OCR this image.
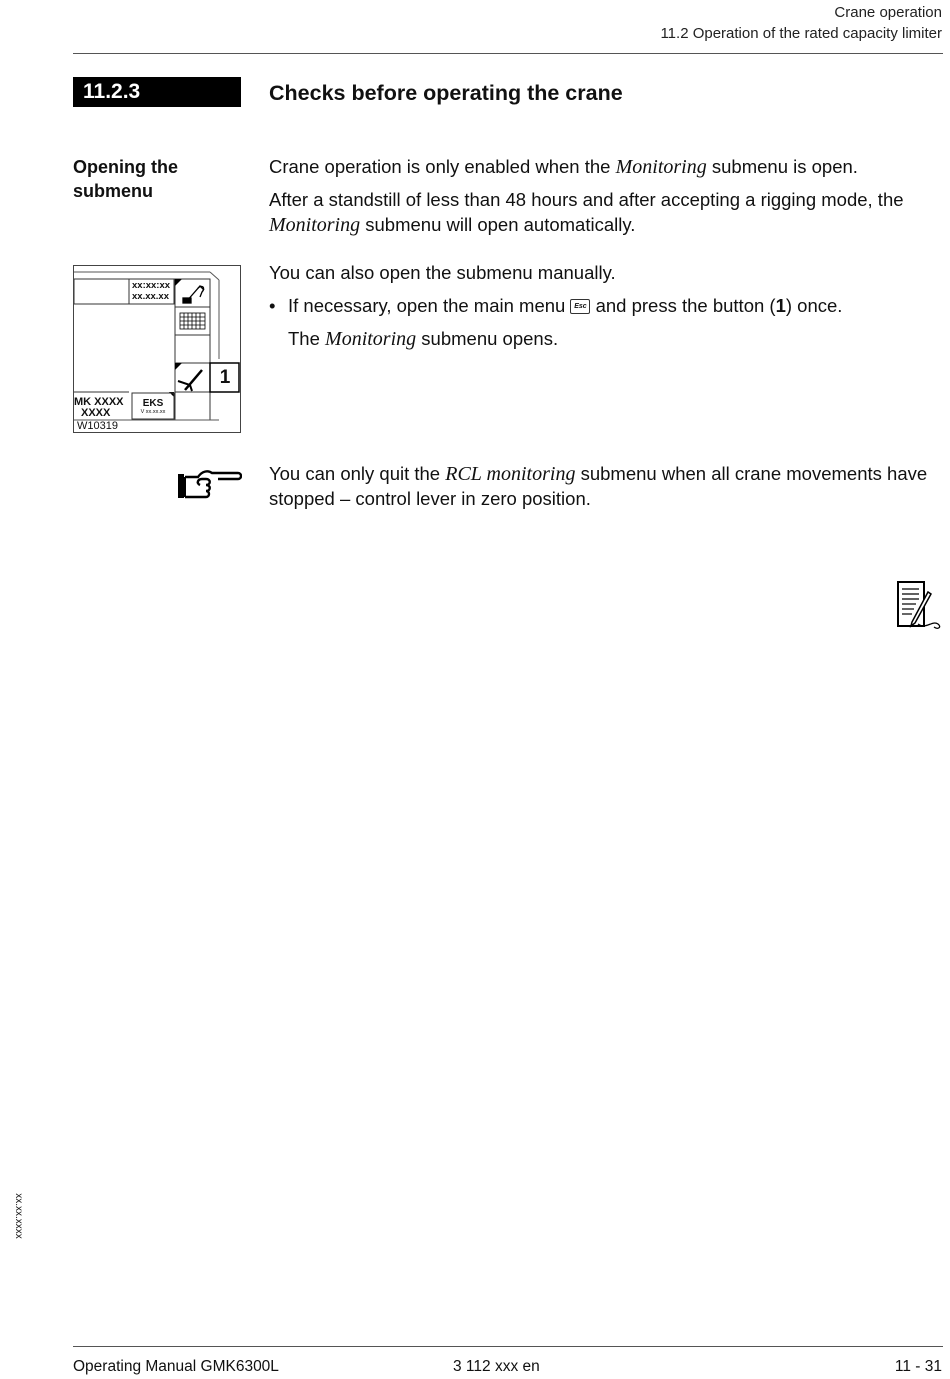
Crane operation
11.2 Operation of the rated capacity limiter
11.2.3	Checks before operating the crane
Opening the submenu

Crane operation is only enabled when the Monitoring submenu is open.

After a standstill of less than 48 hours and after accepting a rigging mode, the Monitoring submenu will open automatically.

You can also open the submenu manually.
• If necessary, open the main menu Esc and press the button (1) once.

The Monitoring submenu opens.

xx:xx:xx
xx.xx.xx
MK XXXX
XXXX
EKS
V xx.xx.xx
1
W10319

You can only quit the RCL monitoring submenu when all crane movements have stopped – control lever in zero position.

xx.xx.xxxx
Operating Manual GMK6300L	3 112 xxx en	11 - 31
